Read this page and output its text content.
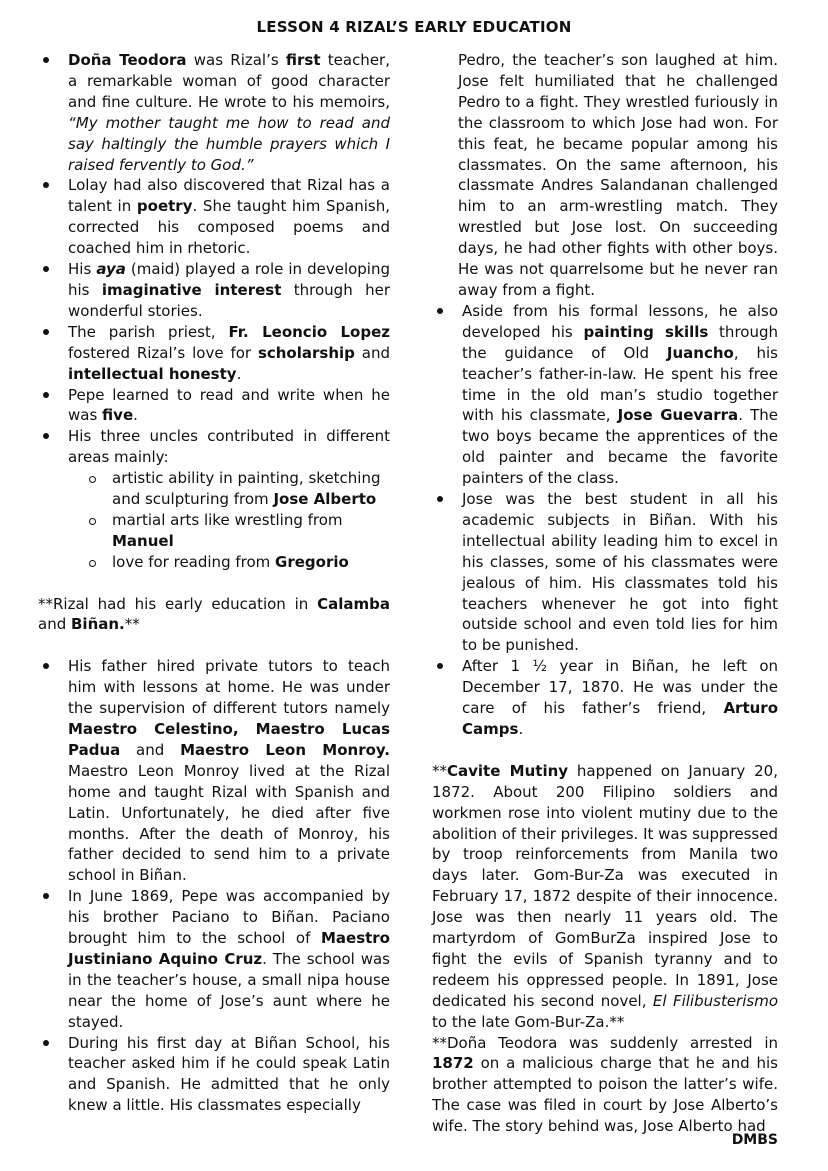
LESSON 4 RIZAL’S EARLY EDUCATION
Doña Teodora was Rizal’s first teacher, a remarkable woman of good character and fine culture. He wrote to his memoirs, “My mother taught me how to read and say haltingly the humble prayers which I raised fervently to God.”
Lolay had also discovered that Rizal has a talent in poetry. She taught him Spanish, corrected his composed poems and coached him in rhetoric.
His aya (maid) played a role in developing his imaginative interest through her wonderful stories.
The parish priest, Fr. Leoncio Lopez fostered Rizal’s love for scholarship and intellectual honesty.
Pepe learned to read and write when he was five.
His three uncles contributed in different areas mainly:
artistic ability in painting, sketching and sculpturing from Jose Alberto
martial arts like wrestling from Manuel
love for reading from Gregorio

**Rizal had his early education in Calamba and Biñan.**

His father hired private tutors to teach him with lessons at home. He was under the supervision of different tutors namely Maestro Celestino, Maestro Lucas Padua and Maestro Leon Monroy. Maestro Leon Monroy lived at the Rizal home and taught Rizal with Spanish and Latin. Unfortunately, he died after five months. After the death of Monroy, his father decided to send him to a private school in Biñan.
In June 1869, Pepe was accompanied by his brother Paciano to Biñan. Paciano brought him to the school of Maestro Justiniano Aquino Cruz. The school was in the teacher’s house, a small nipa house near the home of Jose’s aunt where he stayed.
During his first day at Biñan School, his teacher asked him if he could speak Latin and Spanish. He admitted that he only knew a little. His classmates especially

Pedro, the teacher’s son laughed at him. Jose felt humiliated that he challenged Pedro to a fight. They wrestled furiously in the classroom to which Jose had won. For this feat, he became popular among his classmates. On the same afternoon, his classmate Andres Salandanan challenged him to an arm-wrestling match. They wrestled but Jose lost. On succeeding days, he had other fights with other boys. He was not quarrelsome but he never ran away from a fight.

Aside from his formal lessons, he also developed his painting skills through the guidance of Old Juancho, his teacher’s father-in-law. He spent his free time in the old man’s studio together with his classmate, Jose Guevarra. The two boys became the apprentices of the old painter and became the favorite painters of the class.
Jose was the best student in all his academic subjects in Biñan. With his intellectual ability leading him to excel in his classes, some of his classmates were jealous of him. His classmates told his teachers whenever he got into fight outside school and even told lies for him to be punished.
After 1 ½ year in Biñan, he left on December 17, 1870. He was under the care of his father’s friend, Arturo Camps.

**Cavite Mutiny happened on January 20, 1872. About 200 Filipino soldiers and workmen rose into violent mutiny due to the abolition of their privileges. It was suppressed by troop reinforcements from Manila two days later. Gom-Bur-Za was executed in February 17, 1872 despite of their innocence. Jose was then nearly 11 years old. The martyrdom of GomBurZa inspired Jose to fight the evils of Spanish tyranny and to redeem his oppressed people. In 1891, Jose dedicated his second novel, El Filibusterismo to the late Gom-Bur-Za.**

**Doña Teodora was suddenly arrested in 1872 on a malicious charge that he and his brother attempted to poison the latter’s wife. The case was filed in court by Jose Alberto’s wife. The story behind was, Jose Alberto had

DMBS
